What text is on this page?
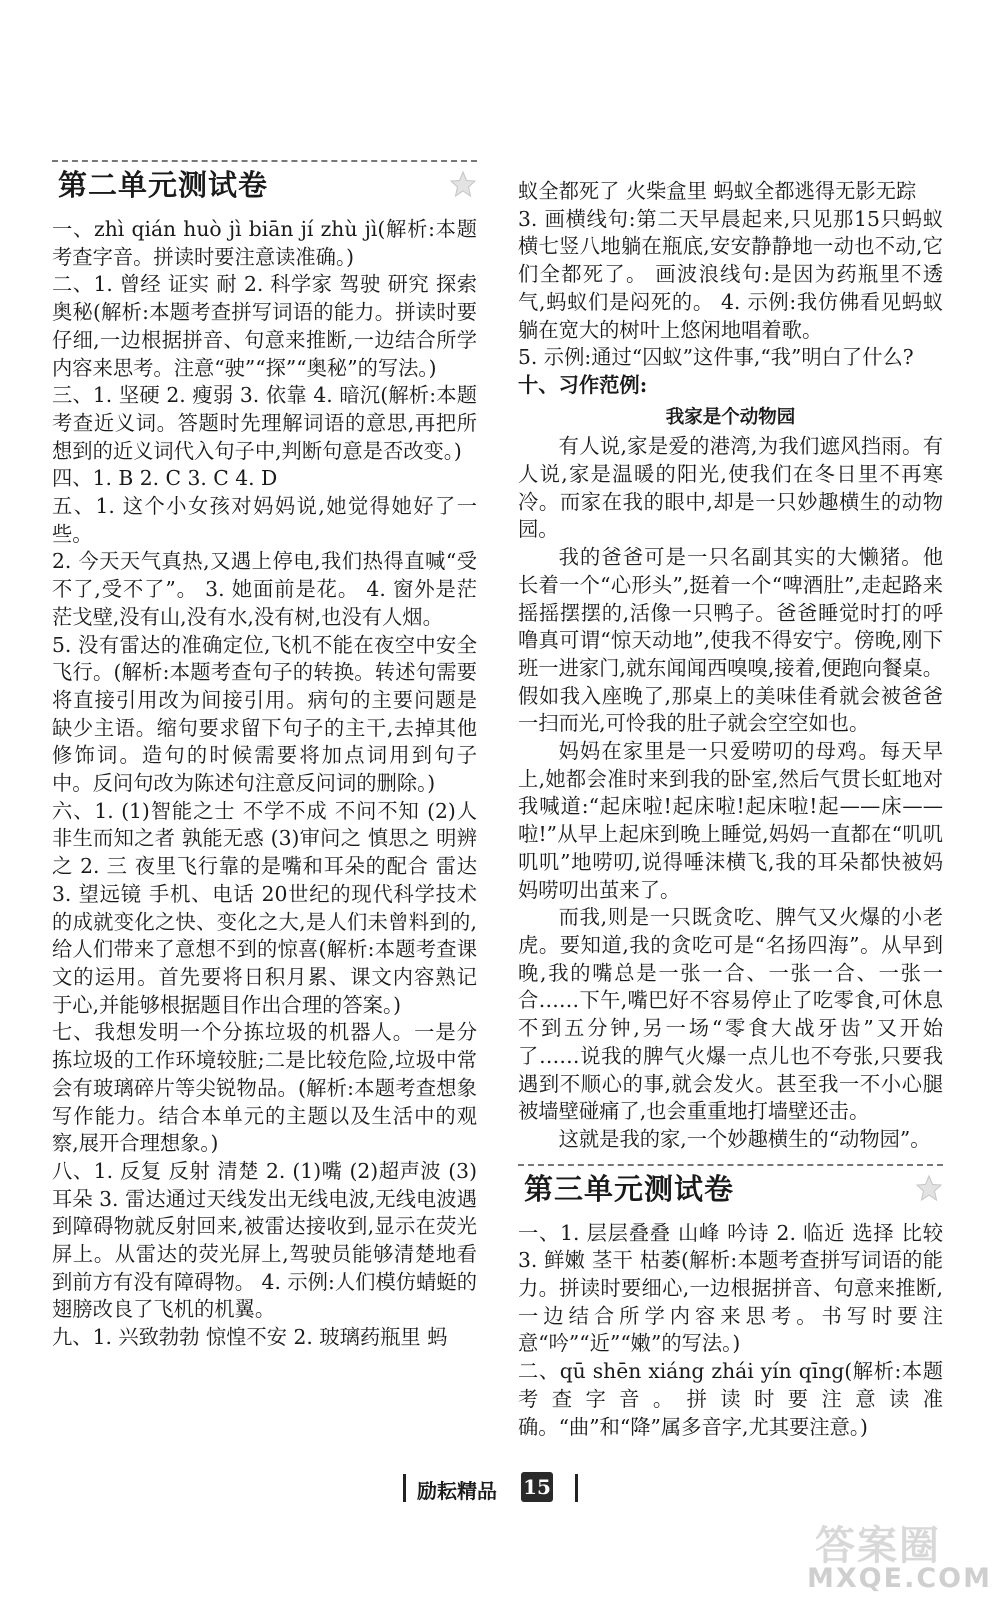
第二单元测试卷

一、zhì qián huò jì biān jí zhù jì(解析:本题考查字音。拼读时要注意读准确。)

二、1. 曾经 证实 耐 2. 科学家 驾驶 研究 探索 奥秘(解析:本题考查拼写词语的能力。拼读时要仔细,一边根据拼音、句意来推断,一边结合所学内容来思考。注意“驶”“探”“奥秘”的写法。)

三、1. 坚硬 2. 瘦弱 3. 依靠 4. 暗沉(解析:本题考查近义词。答题时先理解词语的意思,再把所想到的近义词代入句子中,判断句意是否改变。)

四、1. B 2. C 3. C 4. D

五、1. 这个小女孩对妈妈说,她觉得她好了一些。

2. 今天天气真热,又遇上停电,我们热得直喊“受不了,受不了”。 3. 她面前是花。 4. 窗外是茫茫戈壁,没有山,没有水,没有树,也没有人烟。

5. 没有雷达的准确定位,飞机不能在夜空中安全飞行。(解析:本题考查句子的转换。转述句需要将直接引用改为间接引用。病句的主要问题是缺少主语。缩句要求留下句子的主干,去掉其他修饰词。造句的时候需要将加点词用到句子中。反问句改为陈述句注意反问词的删除。)

六、1. (1)智能之士 不学不成 不问不知 (2)人非生而知之者 孰能无惑 (3)审问之 慎思之 明辨之 2. 三 夜里飞行靠的是嘴和耳朵的配合 雷达 3. 望远镜 手机、电话 20世纪的现代科学技术的成就变化之快、变化之大,是人们未曾料到的,给人们带来了意想不到的惊喜(解析:本题考查课文的运用。首先要将日积月累、课文内容熟记于心,并能够根据题目作出合理的答案。)

七、我想发明一个分拣垃圾的机器人。一是分拣垃圾的工作环境较脏;二是比较危险,垃圾中常会有玻璃碎片等尖锐物品。(解析:本题考查想象写作能力。结合本单元的主题以及生活中的观察,展开合理想象。)

八、1. 反复 反射 清楚 2. (1)嘴 (2)超声波 (3)耳朵 3. 雷达通过天线发出无线电波,无线电波遇到障碍物就反射回来,被雷达接收到,显示在荧光屏上。从雷达的荧光屏上,驾驶员能够清楚地看到前方有没有障碍物。 4. 示例:人们模仿蜻蜓的翅膀改良了飞机的机翼。

九、1. 兴致勃勃 惊惶不安 2. 玻璃药瓶里 蚂

蚁全都死了 火柴盒里 蚂蚁全都逃得无影无踪

3. 画横线句:第二天早晨起来,只见那15只蚂蚁横七竖八地躺在瓶底,安安静静地一动也不动,它们全都死了。 画波浪线句:是因为药瓶里不透气,蚂蚁们是闷死的。 4. 示例:我仿佛看见蚂蚁躺在宽大的树叶上悠闲地唱着歌。

5. 示例:通过“囚蚁”这件事,“我”明白了什么?

十、习作范例:

我家是个动物园

有人说,家是爱的港湾,为我们遮风挡雨。有人说,家是温暖的阳光,使我们在冬日里不再寒冷。而家在我的眼中,却是一只妙趣横生的动物园。

我的爸爸可是一只名副其实的大懒猪。他长着一个“心形头”,挺着一个“啤酒肚”,走起路来摇摇摆摆的,活像一只鸭子。爸爸睡觉时打的呼噜真可谓“惊天动地”,使我不得安宁。傍晚,刚下班一进家门,就东闻闻西嗅嗅,接着,便跑向餐桌。假如我入座晚了,那桌上的美味佳肴就会被爸爸一扫而光,可怜我的肚子就会空空如也。

妈妈在家里是一只爱唠叨的母鸡。每天早上,她都会准时来到我的卧室,然后气贯长虹地对我喊道:“起床啦!起床啦!起床啦!起——床——啦!”从早上起床到晚上睡觉,妈妈一直都在“叽叽叽叽”地唠叨,说得唾沫横飞,我的耳朵都快被妈妈唠叨出茧来了。

而我,则是一只既贪吃、脾气又火爆的小老虎。要知道,我的贪吃可是“名扬四海”。从早到晚,我的嘴总是一张一合、一张一合、一张一合……下午,嘴巴好不容易停止了吃零食,可休息不到五分钟,另一场“零食大战牙齿”又开始了……说我的脾气火爆一点儿也不夸张,只要我遇到不顺心的事,就会发火。甚至我一不小心腿被墙壁碰痛了,也会重重地打墙壁还击。

这就是我的家,一个妙趣横生的“动物园”。

第三单元测试卷

一、1. 层层叠叠 山峰 吟诗 2. 临近 选择 比较 3. 鲜嫩 茎干 枯萎(解析:本题考查拼写词语的能力。拼读时要细心,一边根据拼音、句意来推断,一边结合所学内容来思考。书写时要注意“吟”“近”“嫩”的写法。)

二、qū shēn xiáng zhái yín qīng(解析:本题考查字音。拼读时要注意读准确。“曲”和“降”属多音字,尤其要注意。)

励耘精品 15
答案圈
MXQE.COM
